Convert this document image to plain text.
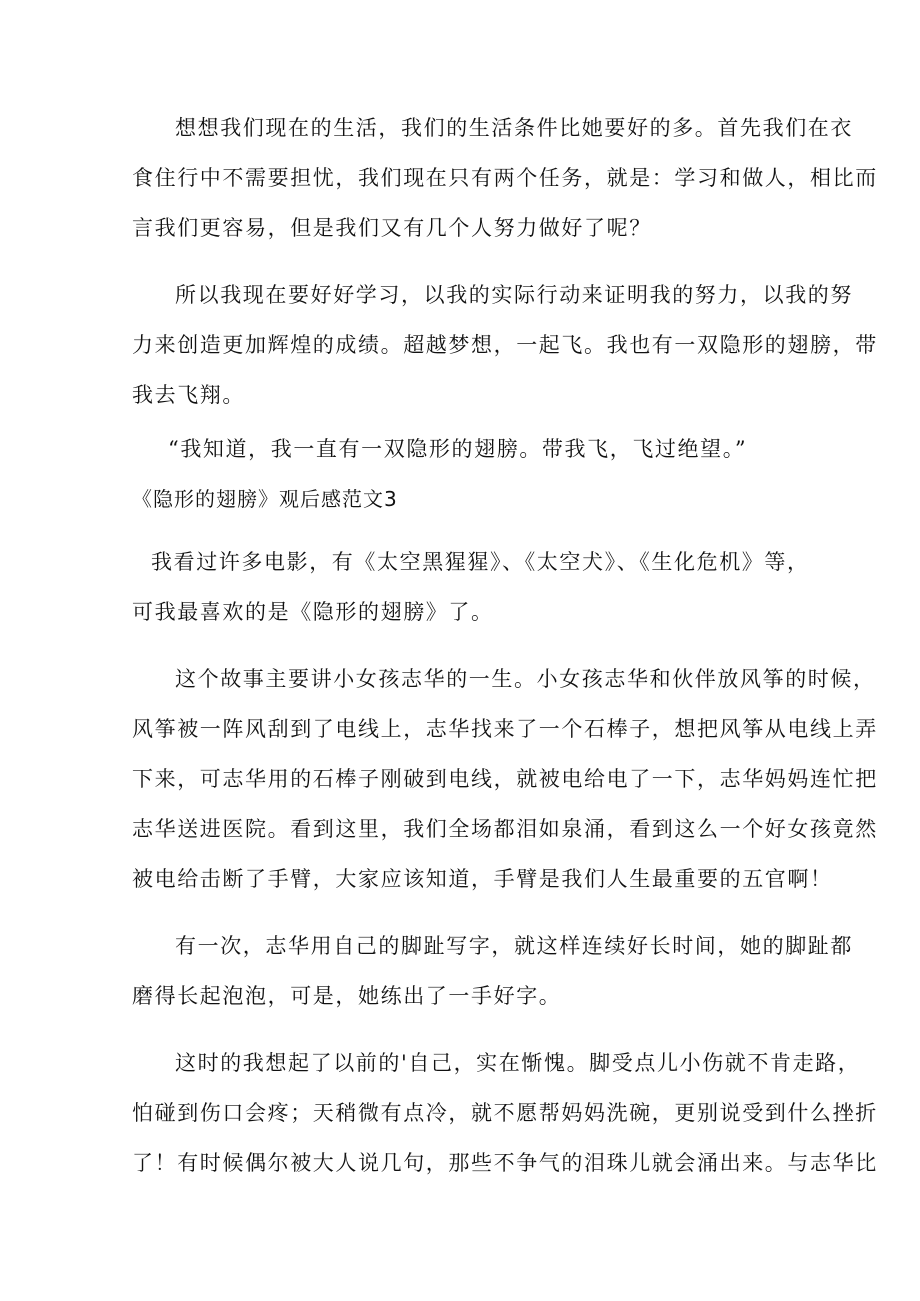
想想我们现在的生活，我们的生活条件比她要好的多。首先我们在衣
食住行中不需要担忧，我们现在只有两个任务，就是：学习和做人，相比而
言我们更容易，但是我们又有几个人努力做好了呢？
所以我现在要好好学习，以我的实际行动来证明我的努力，以我的努
力来创造更加辉煌的成绩。超越梦想，一起飞。我也有一双隐形的翅膀，带
我去飞翔。
“我知道，我一直有一双隐形的翅膀。带我飞，飞过绝望。”
《隐形的翅膀》观后感范文3
我看过许多电影，有《太空黑猩猩》、《太空犬》、《生化危机》等，
可我最喜欢的是《隐形的翅膀》了。
这个故事主要讲小女孩志华的一生。小女孩志华和伙伴放风筝的时候，
风筝被一阵风刮到了电线上，志华找来了一个石棒子，想把风筝从电线上弄
下来，可志华用的石棒子刚破到电线，就被电给电了一下，志华妈妈连忙把
志华送进医院。看到这里，我们全场都泪如泉涌，看到这么一个好女孩竟然
被电给击断了手臂，大家应该知道，手臂是我们人生最重要的五官啊！
有一次，志华用自己的脚趾写字，就这样连续好长时间，她的脚趾都
磨得长起泡泡，可是，她练出了一手好字。
这时的我想起了以前的'自己，实在惭愧。脚受点儿小伤就不肯走路，
怕碰到伤口会疼；天稍微有点冷，就不愿帮妈妈洗碗，更别说受到什么挫折
了！有时候偶尔被大人说几句，那些不争气的泪珠儿就会涌出来。与志华比
